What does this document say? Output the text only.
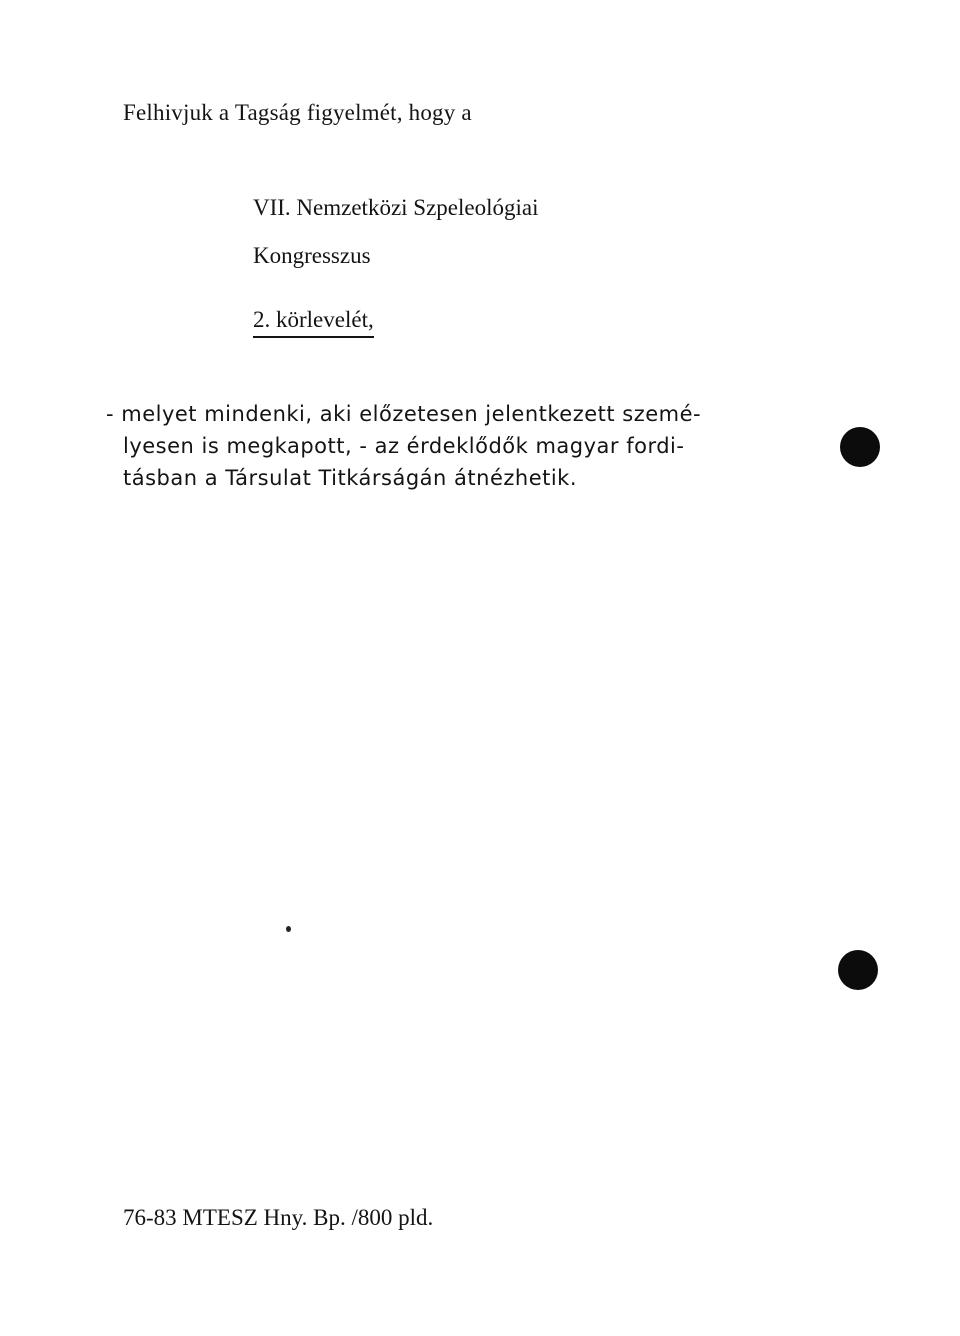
Felhivjuk a Tagság figyelmét, hogy a
VII. Nemzetközi Szpeleológiai
Kongresszus
2. körlevelét,
- melyet mindenki, aki előzetesen jelentkezett szemé-
lyesen is megkapott, - az érdeklődők magyar fordi-
tásban a Társulat Titkárságán átnézhetik.
76-83 MTESZ Hny. Bp. /800 pld.
